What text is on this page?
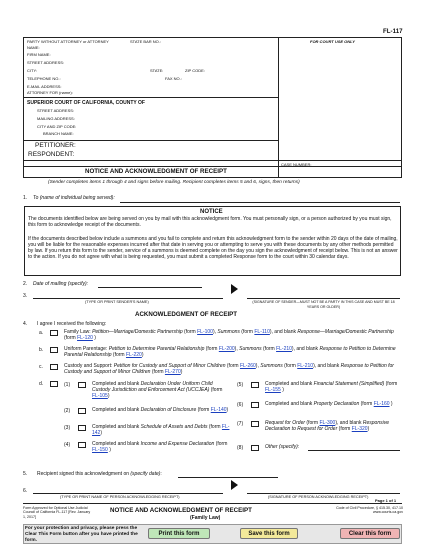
FL-117
PARTY WITHOUT ATTORNEY or ATTORNEY	STATE BAR NO.:	FOR COURT USE ONLY
NAME:
FIRM NAME:
STREET ADDRESS:
CITY:	STATE:	ZIP CODE:
TELEPHONE NO.:	FAX NO.:
E-MAIL ADDRESS:
ATTORNEY FOR (name):
SUPERIOR COURT OF CALIFORNIA, COUNTY OF
STREET ADDRESS:
MAILING ADDRESS:
CITY AND ZIP CODE:
BRANCH NAME:
PETITIONER:
RESPONDENT:
CASE NUMBER:
NOTICE AND ACKNOWLEDGMENT OF RECEIPT
(Sender completes items 1 through 4 and signs before mailing. Recipient completes items 5 and 6, signs, then returns)
1. To (name of individual being served):
NOTICE
The documents identified below are being served on you by mail with this acknowledgment form. You must personally sign, or a person authorized by you must sign, this form to acknowledge receipt of the documents.
If the documents described below include a summons and you fail to complete and return this acknowledgment form to the sender within 20 days of the date of mailing, you will be liable for the reasonable expenses incurred after that date in serving you or attempting to serve you with these documents by any other methods permitted by law. If you return this form to the sender, service of a summons is deemed complete on the day you sign the acknowledgment of receipt below. This is not an answer to the action. If you do not agree with what is being requested, you must submit a completed Response form to the court within 30 calendar days.
2. Date of mailing (specify):
3.
(TYPE OR PRINT SENDER'S NAME)	(SIGNATURE OF SENDER—MUST NOT BE A PARTY IN THIS CASE AND MUST BE 18 YEARS OR OLDER)
ACKNOWLEDGMENT OF RECEIPT
4. I agree I received the following:
a.	Family Law: Petition—Marriage/Domestic Partnership (form FL-100), Summons (form FL-110), and blank Response—Marriage/Domestic Partnership (form FL-120 )
b.	Uniform Parentage: Petition to Determine Parental Relationship (form FL-200), Summons (form FL-210), and blank Response to Petition to Determine Parental Relationship (form FL-220)
c.	Custody and Support: Petition for Custody and Support of Minor Children (form FL-260), Summons (form FL-210), and blank Response to Petition for Custody and Support of Minor Children (form FL-270)
d.	(1)	Completed and blank Declaration Under Uniform Child Custody Jurisdiction and Enforcement Act (UCCJEA) (form FL-105)
(2)	Completed and blank Declaration of Disclosure (form FL-140)
(3)	Completed and blank Schedule of Assets and Debts (form FL-142)
(4)	Completed and blank Income and Expense Declaration (form FL-150 )
(5)	Completed and blank Financial Statement (Simplified) (form FL-155 )
(6)	Completed and blank Property Declaration (form FL-160 )
(7)	Request for Order (form FL-300), and blank Responsive Declaration to Request for Order (form FL-320)
(8)	Other (specify):
5. Recipient signed this acknowledgment on (specify date):
6.
(TYPE OR PRINT NAME OF PERSON ACKNOWLEDGING RECEIPT)	(SIGNATURE OF PERSON ACKNOWLEDGING RECEIPT)
Page 1 of 1
Form Approved for Optional Use Judicial Council of California FL-117 [Rev. January 1, 2017]
NOTICE AND ACKNOWLEDGMENT OF RECEIPT
(Family Law)
Code of Civil Procedure, § 415.30, 417.10 www.courts.ca.gov
For your protection and privacy, please press the Clear This Form button after you have printed the form.
Print this form	Save this form	Clear this form
